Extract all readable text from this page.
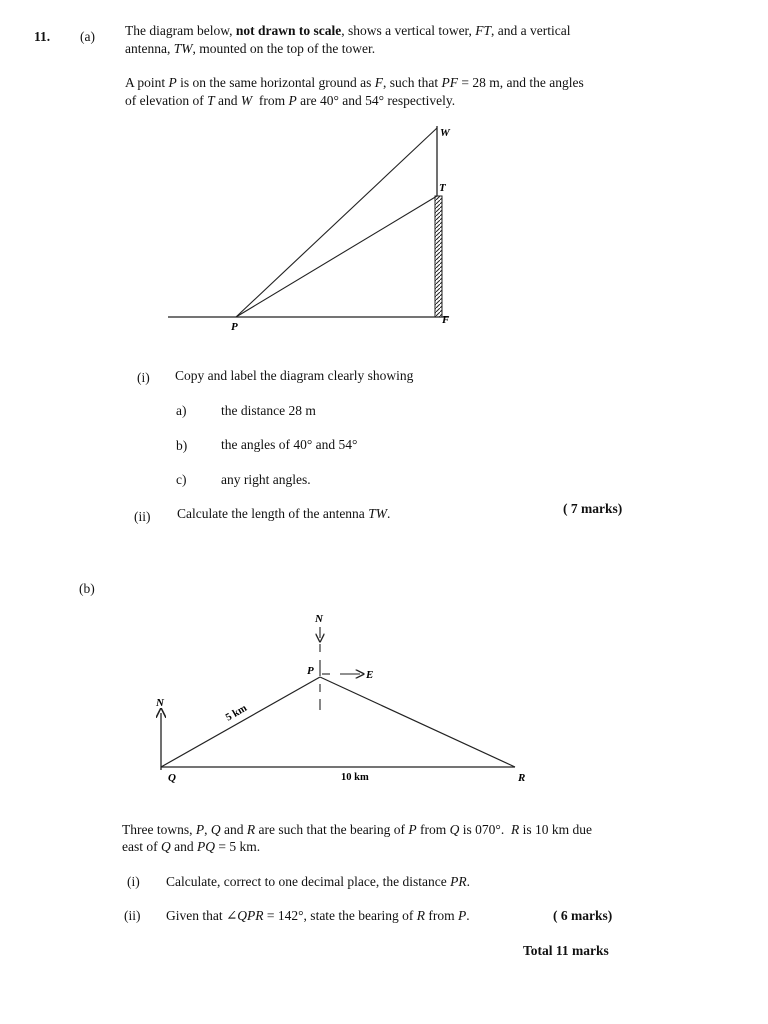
11. (a) The diagram below, not drawn to scale, shows a vertical tower, FT, and a vertical
antenna, TW, mounted on the top of the tower.
A point P is on the same horizontal ground as F, such that PF = 28 m, and the angles
of elevation of T and W  from P are 40° and 54° respectively.
W
T
P
F
(i) Copy and label the diagram clearly showing
a)	the distance 28 m
b)	the angles of 40° and 54°
c)	any right angles.
(ii) Calculate the length of the antenna TW.	( 7 marks)
(b)
N
P	E
N	5 km
10 km
Q	R
Three towns, P, Q and R are such that the bearing of P from Q is 070°.  R is 10 km due
east of Q and PQ = 5 km.
(i) Calculate, correct to one decimal place, the distance PR.
(ii) Given that ∠QPR = 142°, state the bearing of R from P.	( 6 marks)
Total 11 marks
